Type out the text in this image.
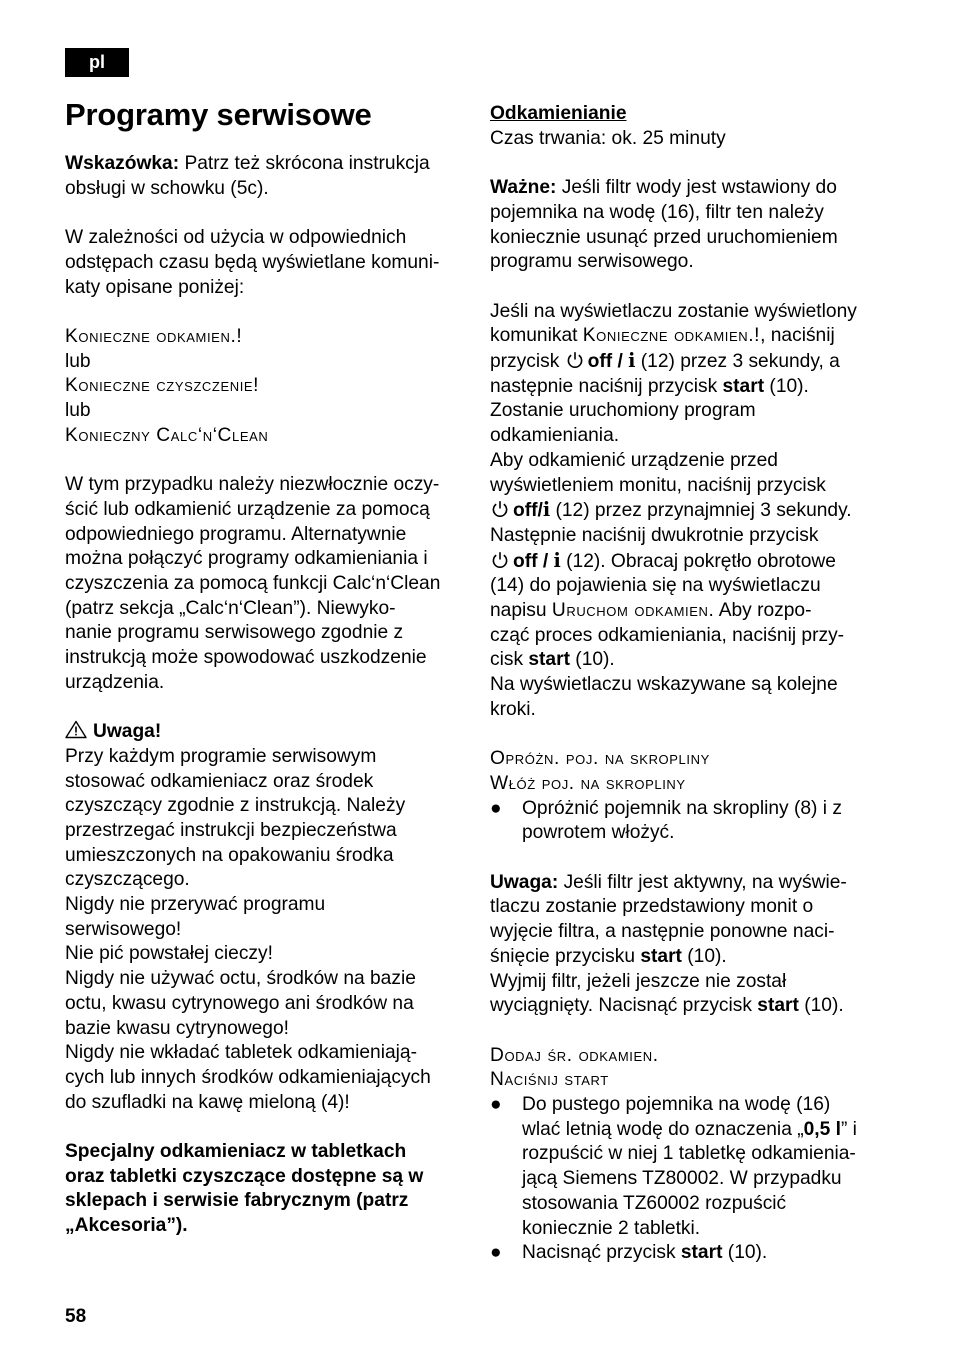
pl
Programy serwisowe

Wskazówka: Patrz też skrócona instrukcja
obsługi w schowku (5c).

W zależności od użycia w odpowiednich
odstępach czasu będą wyświetlane komuni-
katy opisane poniżej:

Konieczne odkamien.!
lub
Konieczne czyszczenie!
lub
Konieczny Calc‘n‘Clean

W tym przypadku należy niezwłocznie oczy-
ścić lub odkamienić urządzenie za pomocą
odpowiedniego programu. Alternatywnie
można połączyć programy odkamieniania i
czyszczenia za pomocą funkcji Calc‘n‘Clean
(patrz sekcja „Calc‘n‘Clean”). Niewyko-
nanie programu serwisowego zgodnie z
instrukcją może spowodować uszkodzenie
urządzenia.

Uwaga!
Przy każdym programie serwisowym
stosować odkamieniacz oraz środek
czyszczący zgodnie z instrukcją. Należy
przestrzegać instrukcji bezpieczeństwa
umieszczonych na opakowaniu środka
czyszczącego.
Nigdy nie przerywać programu
serwisowego!
Nie pić powstałej cieczy!
Nigdy nie używać octu, środków na bazie
octu, kwasu cytrynowego ani środków na
bazie kwasu cytrynowego!
Nigdy nie wkładać tabletek odkamieniają-
cych lub innych środków odkamieniających
do szufladki na kawę mieloną (4)!

Specjalny odkamieniacz w tabletkach
oraz tabletki czyszczące dostępne są w
sklepach i serwisie fabrycznym (patrz
„Akcesoria”).

Odkamienianie
Czas trwania: ok. 25 minuty

Ważne: Jeśli filtr wody jest wstawiony do
pojemnika na wodę (16), filtr ten należy
koniecznie usunąć przed uruchomieniem
programu serwisowego.

Jeśli na wyświetlaczu zostanie wyświetlony
komunikat Konieczne odkamien.!, naciśnij
przycisk off / i (12) przez 3 sekundy, a
następnie naciśnij przycisk start (10).
Zostanie uruchomiony program
odkamieniania.
Aby odkamienić urządzenie przed
wyświetleniem monitu, naciśnij przycisk
off/i (12) przez przynajmniej 3 sekundy.
Następnie naciśnij dwukrotnie przycisk
off / i (12). Obracaj pokrętło obrotowe
(14) do pojawienia się na wyświetlaczu
napisu Uruchom odkamien. Aby rozpo-
cząć proces odkamieniania, naciśnij przy-
cisk start (10).
Na wyświetlaczu wskazywane są kolejne
kroki.

Opróżn. poj. na skropliny
Włóż poj. na skropliny

● Opróżnić pojemnik na skropliny (8) i z
powrotem włożyć.

Uwaga: Jeśli filtr jest aktywny, na wyświe-
tlaczu zostanie przedstawiony monit o
wyjęcie filtra, a następnie ponowne naci-
śnięcie przycisku start (10).
Wyjmij filtr, jeżeli jeszcze nie został
wyciągnięty. Nacisnąć przycisk start (10).

Dodaj śr. odkamien.
Naciśnij start

● Do pustego pojemnika na wodę (16)
wlać letnią wodę do oznaczenia „0,5 l” i
rozpuścić w niej 1 tabletkę odkamienia-
jącą Siemens TZ80002. W przypadku
stosowania TZ60002 rozpuścić
koniecznie 2 tabletki.

● Nacisnąć przycisk start (10).

58
